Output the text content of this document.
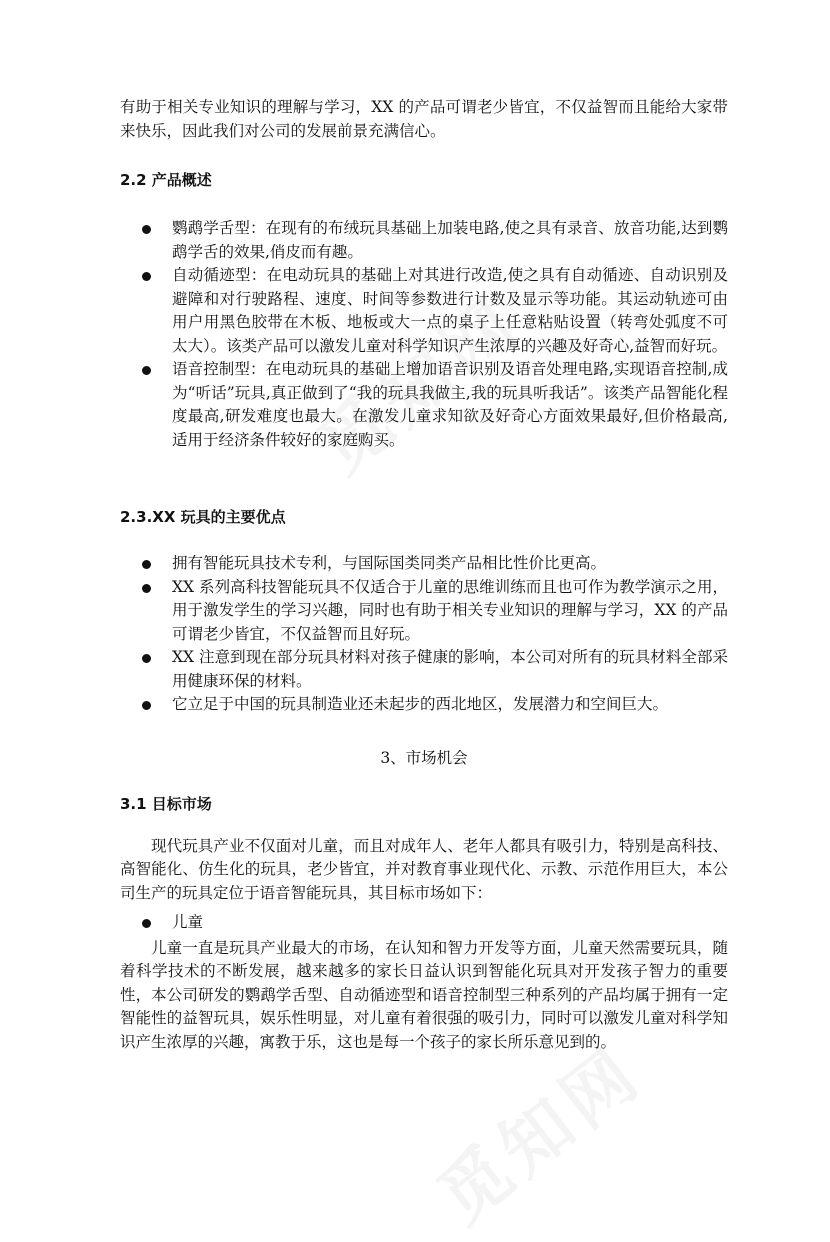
有助于相关专业知识的理解与学习，XX 的产品可谓老少皆宜，不仅益智而且能给大家带来快乐，因此我们对公司的发展前景充满信心。

2.2 产品概述

鹦鹉学舌型：在现有的布绒玩具基础上加装电路,使之具有录音、放音功能,达到鹦鹉学舌的效果,俏皮而有趣。

自动循迹型：在电动玩具的基础上对其进行改造,使之具有自动循迹、自动识别及避障和对行驶路程、速度、时间等参数进行计数及显示等功能。其运动轨迹可由用户用黑色胶带在木板、地板或大一点的桌子上任意粘贴设置（转弯处弧度不可太大）。该类产品可以激发儿童对科学知识产生浓厚的兴趣及好奇心,益智而好玩。

语音控制型：在电动玩具的基础上增加语音识别及语音处理电路,实现语音控制,成为“听话”玩具,真正做到了“我的玩具我做主,我的玩具听我话”。该类产品智能化程度最高,研发难度也最大。在激发儿童求知欲及好奇心方面效果最好,但价格最高,适用于经济条件较好的家庭购买。

2.3.XX 玩具的主要优点

拥有智能玩具技术专利，与国际国类同类产品相比性价比更高。

XX 系列高科技智能玩具不仅适合于儿童的思维训练而且也可作为教学演示之用，用于激发学生的学习兴趣，同时也有助于相关专业知识的理解与学习，XX 的产品可谓老少皆宜，不仅益智而且好玩。

XX 注意到现在部分玩具材料对孩子健康的影响，本公司对所有的玩具材料全部采用健康环保的材料。

它立足于中国的玩具制造业还未起步的西北地区，发展潜力和空间巨大。

3、市场机会

3.1 目标市场

现代玩具产业不仅面对儿童，而且对成年人、老年人都具有吸引力，特别是高科技、高智能化、仿生化的玩具，老少皆宜，并对教育事业现代化、示教、示范作用巨大，本公司生产的玩具定位于语音智能玩具，其目标市场如下：

儿童

儿童一直是玩具产业最大的市场，在认知和智力开发等方面，儿童天然需要玩具，随着科学技术的不断发展，越来越多的家长日益认识到智能化玩具对开发孩子智力的重要性，本公司研发的鹦鹉学舌型、自动循迹型和语音控制型三种系列的产品均属于拥有一定智能性的益智玩具，娱乐性明显，对儿童有着很强的吸引力，同时可以激发儿童对科学知识产生浓厚的兴趣，寓教于乐，这也是每一个孩子的家长所乐意见到的。
